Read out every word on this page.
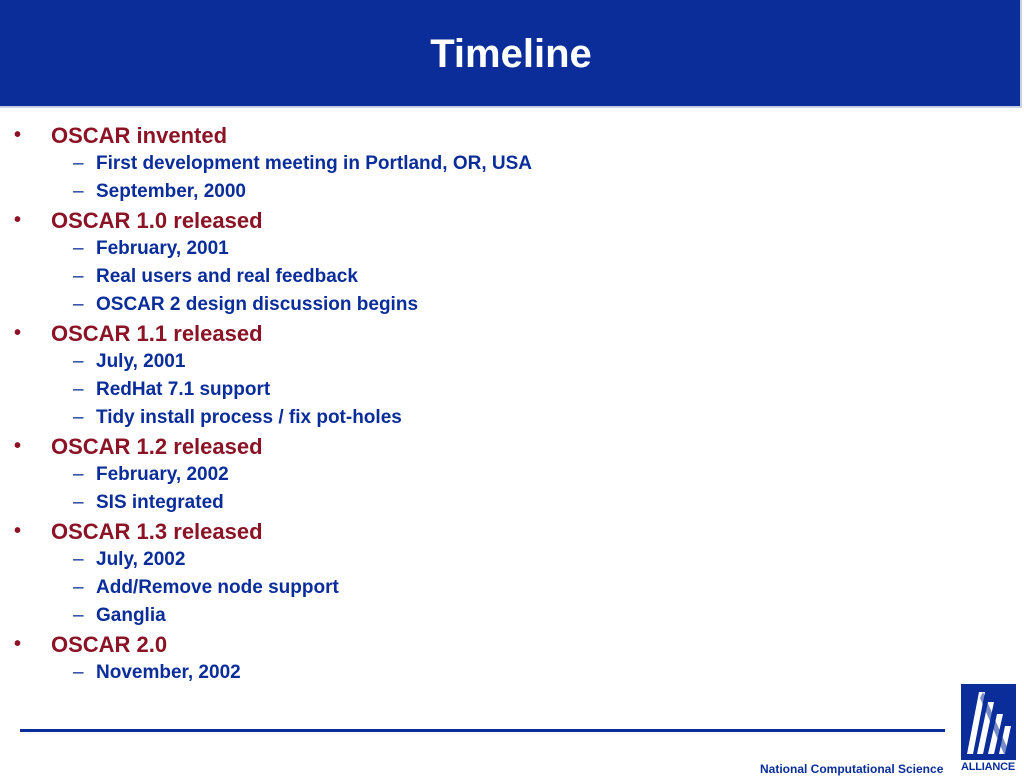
Timeline
•	OSCAR invented
– First development meeting in Portland, OR, USA
– September, 2000
•	OSCAR 1.0 released
– February, 2001
– Real users and real feedback
– OSCAR 2 design discussion begins
•	OSCAR 1.1 released
– July, 2001
– RedHat 7.1 support
– Tidy install process / fix pot-holes
•	OSCAR 1.2 released
– February, 2002
– SIS integrated
•	OSCAR 1.3 released
– July, 2002
– Add/Remove node support
– Ganglia
•	OSCAR 2.0
– November, 2002
National Computational Science ALLIANCE
